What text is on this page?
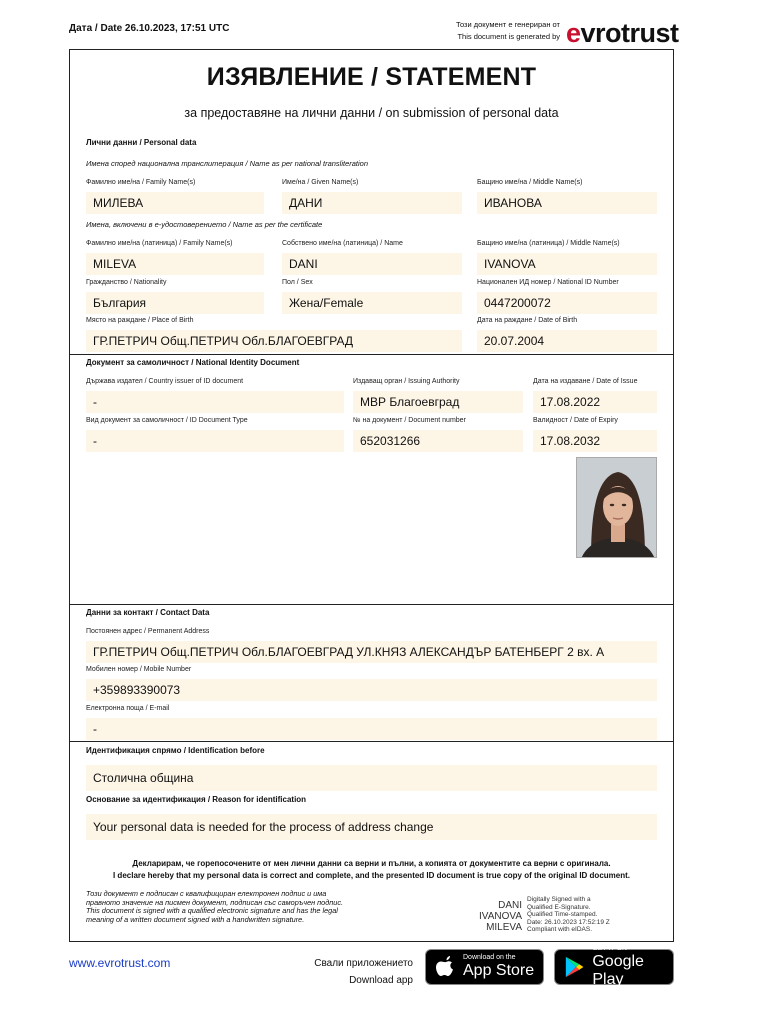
Дата / Date 26.10.2023, 17:51 UTC	Този документ е генериран от
This document is generated by evrotrust
ИЗЯВЛЕНИЕ / STATEMENT
за предоставяне на лични данни / on submission of personal data
Лични данни / Personal data
Имена според национална транслитерация / Name as per national transliteration
Фамилно име/на / Family Name(s)
МИЛЕВА
Име/на / Given Name(s)
ДАНИ
Бащино име/на / Middle Name(s)
ИВАНОВА
Имена, включени в е-удостоверението / Name as per the certificate
Фамилно име/на (латиница) / Family Name(s)
MILEVA
Собствено име/на (латиница) / Name
DANI
Бащино име/на (латиница) / Middle Name(s)
IVANOVA
Гражданство / Nationality
България
Пол / Sex
Жена/Female
Национален ИД номер / National ID Number
0447200072
Място на раждане / Place of Birth
ГР.ПЕТРИЧ Общ.ПЕТРИЧ Обл.БЛАГОЕВГРАД
Дата на раждане / Date of Birth
20.07.2004
Документ за самоличност / National Identity Document
Държава издател / Country issuer of ID document
-
Издаващ орган / Issuing Authority
МВР Благоевград
Дата на издаване / Date of Issue
17.08.2022
Вид документ за самоличност / ID Document Type
-
№ на документ / Document number
652031266
Валидност / Date of Expiry
17.08.2032
Данни за контакт / Contact Data
Постоянен адрес / Permanent Address
ГР.ПЕТРИЧ Общ.ПЕТРИЧ Обл.БЛАГОЕВГРАД УЛ.КНЯЗ АЛЕКСАНДЪР БАТЕНБЕРГ 2 вх. А
Мобилен номер / Mobile Number
+359893390073
Електронна поща / E-mail
-
Идентификация спрямо / Identification before
Столична община
Основание за идентификация / Reason for identification
Your personal data is needed for the process of address change
Декларирам, че горепосочените от мен лични данни са верни и пълни, а копията от документите са верни с оригинала.
I declare hereby that my personal data is correct and complete, and the presented ID document is true copy of the original ID document.
Този документ е подписан с квалифициран електронен подпис и има
правното значение на писмен документ, подписан със саморъчен подпис.
This document is signed with a qualified electronic signature and has the legal
meaning of a written document signed with a handwritten signature.
DANI
IVANOVA
MILEVA
Digitally Signed with a
Qualified E-Signature.
Qualified Time-stamped.
Date: 26.10.2023 17:52:19 Z
Compliant with eIDAS.
www.evrotrust.com	Свали приложението
Download app
Download on the
App Store
GET IT ON
Google Play
